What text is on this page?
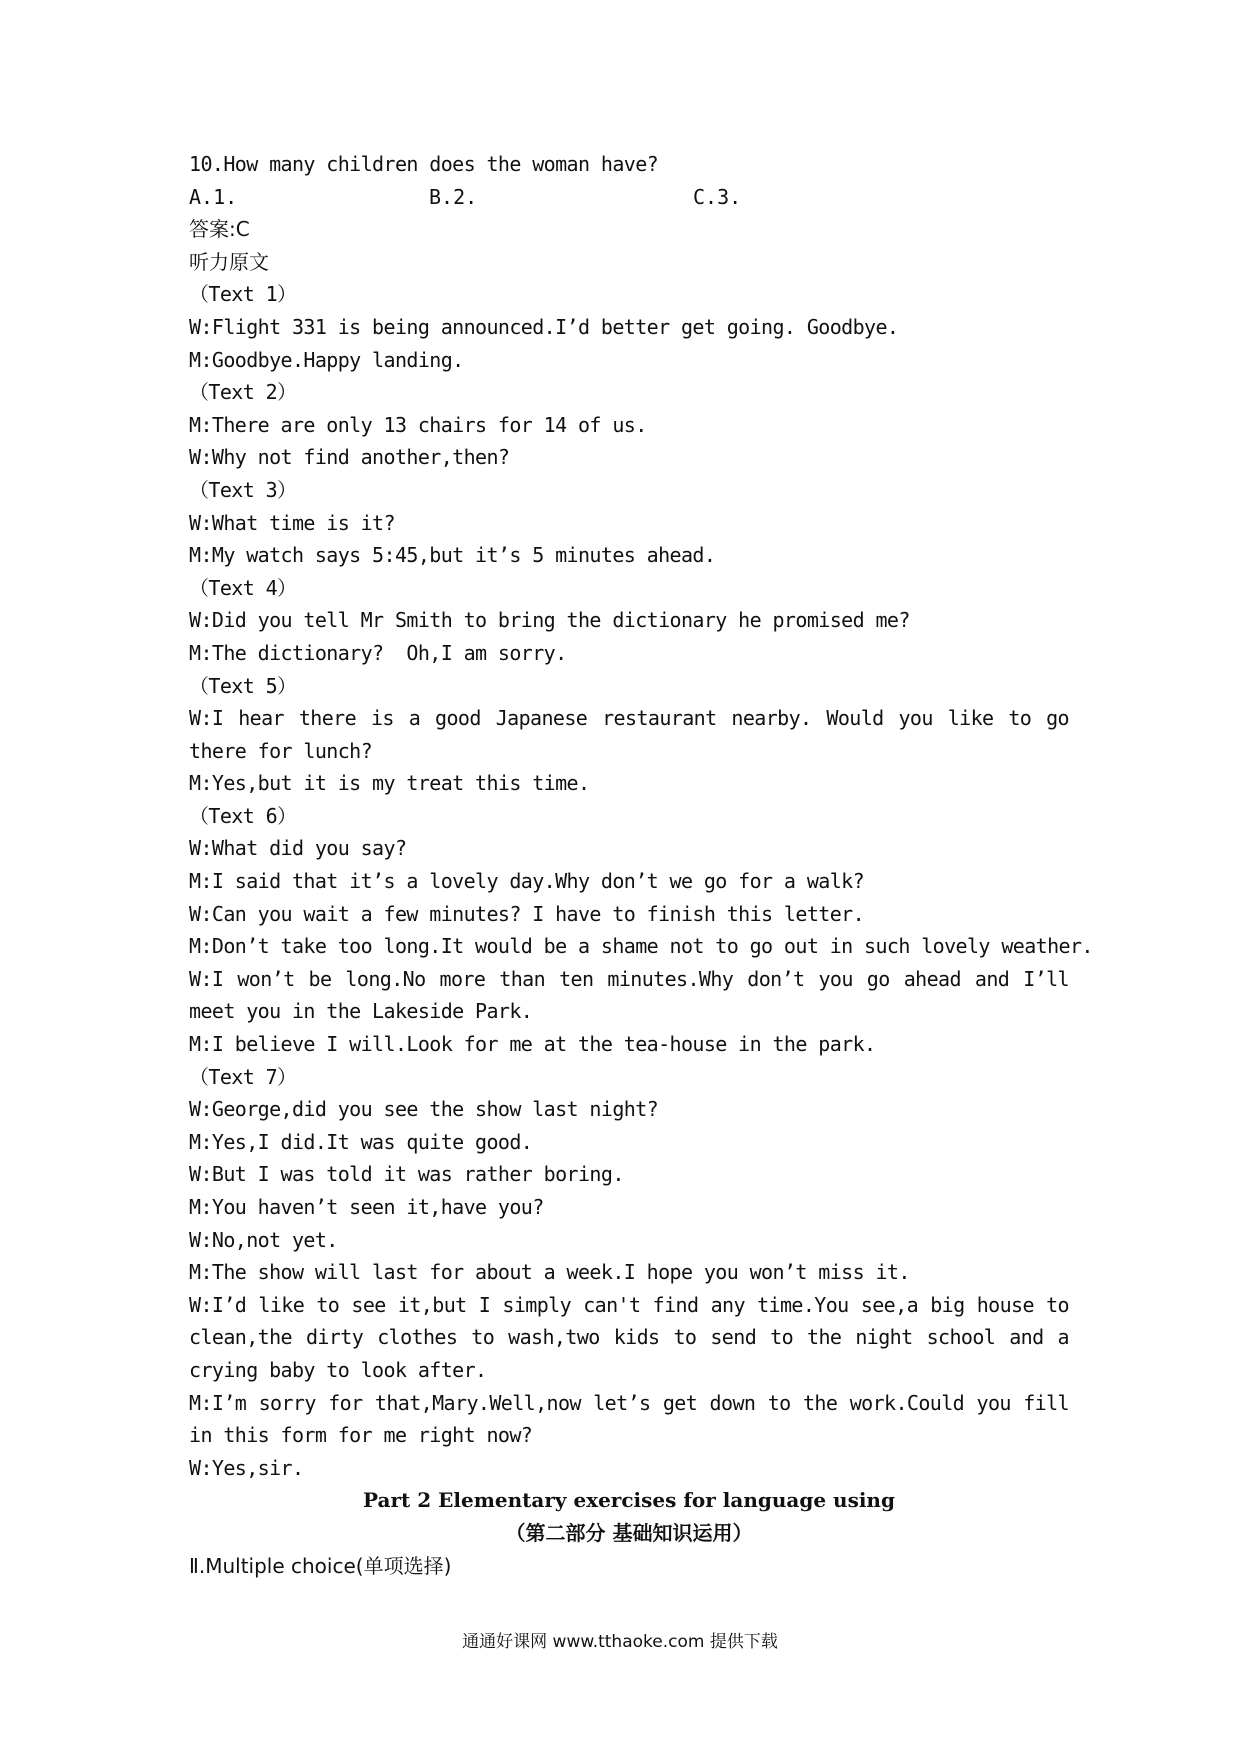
10.How many children does the woman have?

A.1.	B.2.	C.3.

答案:C

听力原文

（Text 1）

W:Flight 331 is being announced.I’d better get going. Goodbye.

M:Goodbye.Happy landing.

（Text 2）

M:There are only 13 chairs for 14 of us.

W:Why not find another,then?

（Text 3）

W:What time is it?

M:My watch says 5:45,but it’s 5 minutes ahead.

（Text 4）

W:Did you tell Mr Smith to bring the dictionary he promised me?

M:The dictionary?  Oh,I am sorry.

（Text 5）

W:I hear there is a good Japanese restaurant nearby. Would you like to go there for lunch?

M:Yes,but it is my treat this time.

（Text 6）

W:What did you say?

M:I said that it’s a lovely day.Why don’t we go for a walk?

W:Can you wait a few minutes? I have to finish this letter.

M:Don’t take too long.It would be a shame not to go out in such lovely weather.

W:I won’t be long.No more than ten minutes.Why don’t you go ahead and I’ll meet you in the Lakeside Park.

M:I believe I will.Look for me at the tea-house in the park.

（Text 7）

W:George,did you see the show last night?

M:Yes,I did.It was quite good.

W:But I was told it was rather boring.

M:You haven’t seen it,have you?

W:No,not yet.

M:The show will last for about a week.I hope you won’t miss it.

W:I’d like to see it,but I simply can't find any time.You see,a big house to clean,the dirty clothes to wash,two kids to send to the night school and a crying baby to look after.

M:I’m sorry for that,Mary.Well,now let’s get down to the work.Could you fill in this form for me right now?

W:Yes,sir.

Part 2 Elementary exercises for language using

（第二部分 基础知识运用）

Ⅱ.Multiple choice(单项选择)

通通好课网 www.tthaoke.com 提供下载
